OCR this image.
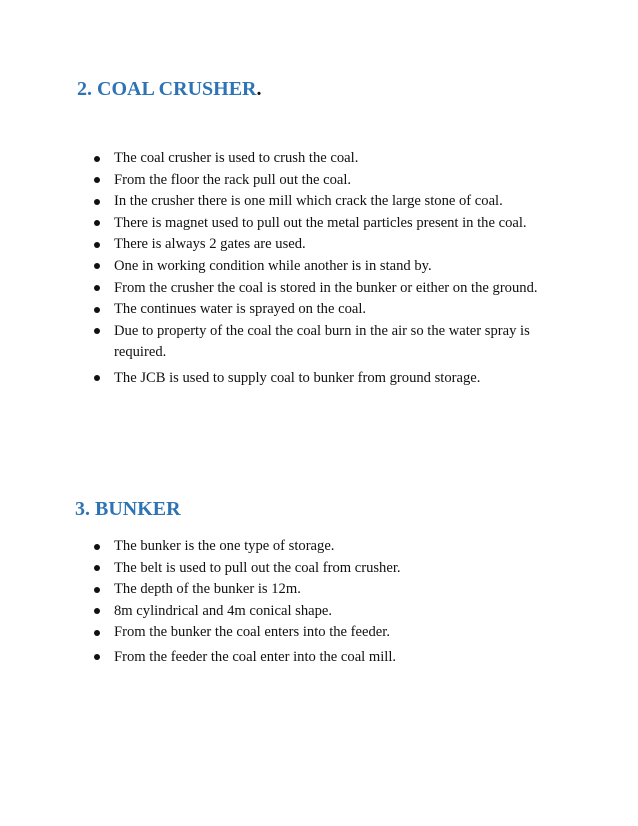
2. COAL CRUSHER.
The coal crusher is used to crush the coal.
From the floor the rack pull out the coal.
In the crusher there is one mill which crack the large stone of coal.
There is magnet used to pull out the metal particles present in the coal.
There is always 2 gates are used.
One in working condition while another is in stand by.
From the crusher the coal is stored in the bunker or either on the ground.
The continues water is sprayed on the coal.
Due to property of the coal the coal burn in the air so the water spray is required.
The JCB is used to supply coal to bunker from ground storage.
3. BUNKER
The bunker is the one type of storage.
The belt is used to pull out the coal from crusher.
The depth of the bunker is 12m.
8m cylindrical and 4m conical shape.
From the bunker the coal enters into the feeder.
From the feeder the coal enter into the coal mill.
